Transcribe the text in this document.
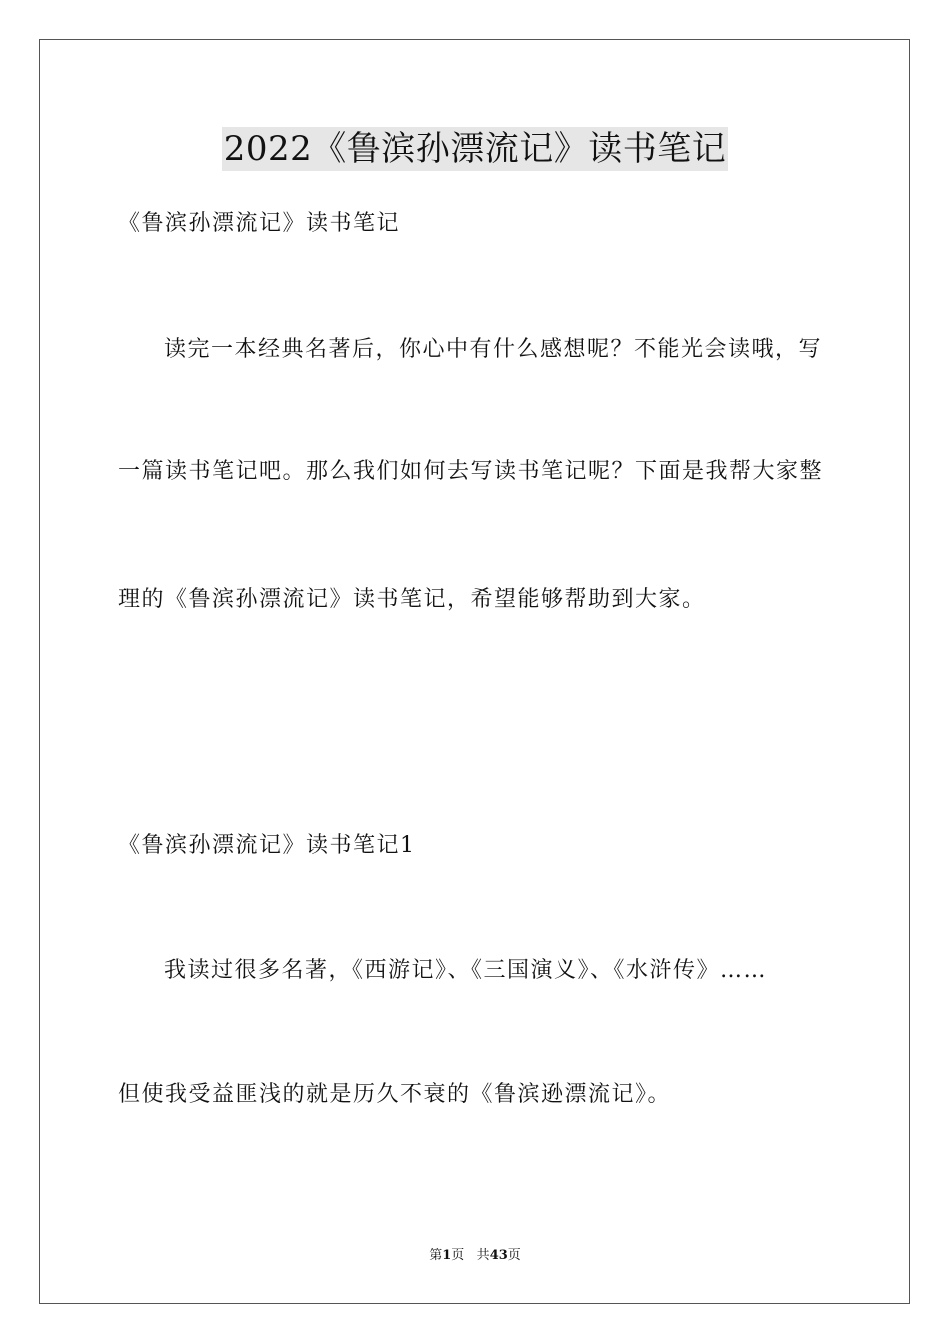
2022《鲁滨孙漂流记》读书笔记
《鲁滨孙漂流记》读书笔记
读完一本经典名著后，你心中有什么感想呢？不能光会读哦，写
一篇读书笔记吧。那么我们如何去写读书笔记呢？下面是我帮大家整
理的《鲁滨孙漂流记》读书笔记，希望能够帮助到大家。
《鲁滨孙漂流记》读书笔记1
我读过很多名著，《西游记》、《三国演义》、《水浒传》……
但使我受益匪浅的就是历久不衰的《鲁滨逊漂流记》。
第1页 共43页
